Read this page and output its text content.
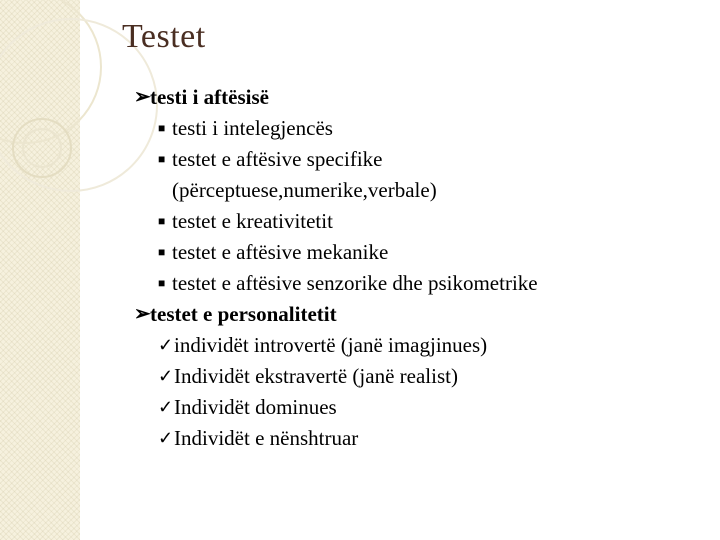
Testet
➢ testi i aftësisë
■ testi i intelegjencës
■ testet e aftësive specifike
(përceptuese,numerike,verbale)
■ testet e kreativitetit
■ testet e aftësive mekanike
■ testet e aftësive senzorike dhe psikometrike
➢ testet e personalitetit
✓ individët introvertë (janë imagjinues)
✓ Individët ekstravertë (janë realist)
✓ Individët dominues
✓ Individët e nënshtruar
